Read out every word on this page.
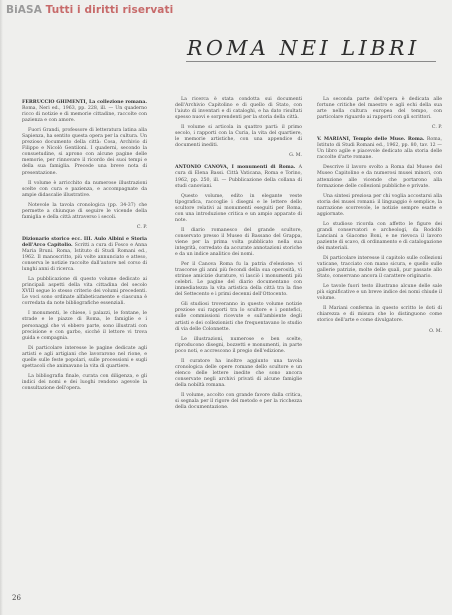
BiASA Tutti i diritti riservati
ROMA NEI LIBRI

FERRUCCIO GHIMENTI, La collezione romana. Roma, Neri ed., 1963, pp. 228, ill. — Un quaderno ricco di notizie e di memorie cittadine, raccolte con pazienza e con amore.

Fuori Grandi, professore di letteratura latina alla Sapienza, ha sentito questa opera per la cultura. Un prezioso documento della città: Cosa, Archivio di Filippo e Nicolò Gentiloni. I quaderni, secondo la consuetudine, si aprono con alcune pagine delle memorie, per rinnovare il ricordo dei suoi tempi e della sua famiglia. Precede una breve nota di presentazione.

Il volume è arricchito da numerose illustrazioni scelte con cura e pazienza, e accompagnate da ampie didascalie illustrative.

Notevole la tavola cronologica (pp. 34-37) che permette a chiunque di seguire le vicende della famiglia e della città attraverso i secoli.

C. P.

Dizionario storico ecc. III. Aulo Albini e Storia dell'Arco Capitolio. Scritti a cura di Fosco e Anna Maria Bruni. Roma, Istituto di Studi Romani ed., 1962. Il manoscritto, più volte annunciato e atteso, conserva le notizie raccolte dall'autore nel corso di lunghi anni di ricerca.

La pubblicazione di questo volume dedicato ai principali aspetti della vita cittadina del secolo XVIII segue lo stesso criterio dei volumi precedenti. Le voci sono ordinate alfabeticamente e ciascuna è corredata da note bibliografiche essenziali.

I monumenti, le chiese, i palazzi, le fontane, le strade e le piazze di Roma, le famiglie e i personaggi che vi ebbero parte, sono illustrati con precisione e con garbo, sicché il lettore vi trova guida e compagnia.

Di particolare interesse le pagine dedicate agli artisti e agli artigiani che lavorarono nel rione, e quelle sulle feste popolari, sulle processioni e sugli spettacoli che animavano la vita di quartiere.

La bibliografia finale, curata con diligenza, e gli indici dei nomi e dei luoghi rendono agevole la consultazione dell'opera.

La ricerca è stata condotta sui documenti dell'Archivio Capitolino e di quello di Stato, con l'aiuto di inventari e di cataloghi, e ha dato risultati spesso nuovi e sorprendenti per la storia della città.

Il volume si articola in quattro parti: il primo secolo, i rapporti con la Curia, la vita del quartiere, le memorie artistiche, con una appendice di documenti inediti.

G. M.

ANTONIO CANOVA, I monumenti di Roma. A cura di Elena Bassi. Città Vaticana, Roma e Torino, 1962, pp. 250, ill. — Pubblicazione della collana di studi canoviani.

Questo volume, edito in elegante veste tipografica, raccoglie i disegni e le lettere dello scultore relativi ai monumenti eseguiti per Roma, con una introduzione critica e un ampio apparato di note.

Il diario romanesco del grande scultore, conservato presso il Museo di Bassano del Grappa, viene per la prima volta pubblicato nella sua integrità, corredato da accurate annotazioni storiche e da un indice analitico dei nomi.

Per il Canova Roma fu la patria d'elezione: vi trascorse gli anni più fecondi della sua operosità, vi strinse amicizie durature, vi lasciò i monumenti più celebri. Le pagine del diario documentano con immediatezza la vita artistica della città tra la fine del Settecento e i primi decenni dell'Ottocento.

Gli studiosi troveranno in questo volume notizie preziose sui rapporti tra lo scultore e i pontefici, sulle commissioni ricevute e sull'ambiente degli artisti e dei collezionisti che frequentavano lo studio di via delle Colonnette.

Le illustrazioni, numerose e ben scelte, riproducono disegni, bozzetti e monumenti, in parte poco noti, e accrescono il pregio dell'edizione.

Il curatore ha inoltre aggiunto una tavola cronologica delle opere romane dello scultore e un elenco delle lettere inedite che sono ancora conservate negli archivi privati di alcune famiglie della nobiltà romana.

Il volume, accolto con grande favore dalla critica, si segnala per il rigore del metodo e per la ricchezza della documentazione.

La seconda parte dell'opera è dedicata alle fortune critiche del maestro e agli echi della sua arte nella cultura europea del tempo, con particolare riguardo ai rapporti con gli scrittori.

C. P.

V. MARIANI, Tempio delle Muse. Roma. Roma, Istituto di Studi Romani ed., 1962, pp. 80, tav. 12 — Un libro agile e piacevole dedicato alla storia delle raccolte d'arte romane.

Descrive il lavoro svolto a Roma dal Museo del Museo Capitolino e da numerosi musei minori, con attenzione alle vicende che portarono alla formazione delle collezioni pubbliche e private.

Una sintesi preziosa per chi voglia accostarsi alla storia dei musei romani: il linguaggio è semplice, la narrazione scorrevole, le notizie sempre esatte e aggiornate.

Lo studioso ricorda con affetto le figure dei grandi conservatori e archeologi, da Rodolfo Lanciani a Giacomo Boni, e ne rievoca il lavoro paziente di scavo, di ordinamento e di catalogazione dei materiali.

Di particolare interesse il capitolo sulle collezioni vaticane, tracciato con mano sicura, e quello sulle gallerie patrizie, molte delle quali, pur passate allo Stato, conservano ancora il carattere originario.

Le tavole fuori testo illustrano alcune delle sale più significative e un breve indice dei nomi chiude il volume.

Il Mariani conferma in questo scritto le doti di chiarezza e di misura che lo distinguono come storico dell'arte e come divulgatore.

O. M.

26
